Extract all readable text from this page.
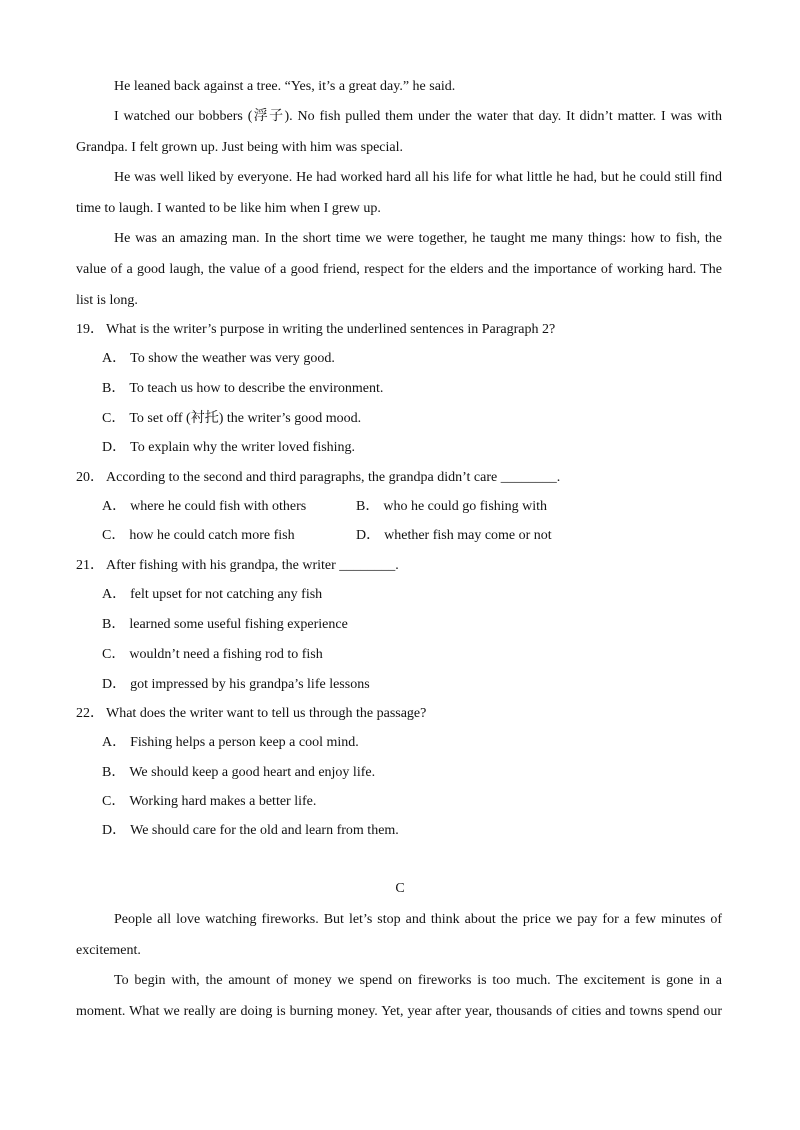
He leaned back against a tree. “Yes, it’s a great day.” he said.
I watched our bobbers (浮子). No fish pulled them under the water that day. It didn’t matter. I was with
Grandpa. I felt grown up. Just being with him was special.
He was well liked by everyone. He had worked hard all his life for what little he had, but he could still find
time to laugh. I wanted to be like him when I grew up.
He was an amazing man. In the short time we were together, he taught me many things: how to fish, the
value of a good laugh, the value of a good friend, respect for the elders and the importance of working hard. The
list is long.
19． What is the writer’s purpose in writing the underlined sentences in Paragraph 2?
A． To show the weather was very good.
B． To teach us how to describe the environment.
C． To set off (衬托) the writer’s good mood.
D． To explain why the writer loved fishing.
20． According to the second and third paragraphs, the grandpa didn’t care ________.
A． where he could fish with others	B． who he could go fishing with
C． how he could catch more fish	D． whether fish may come or not
21． After fishing with his grandpa, the writer ________.
A． felt upset for not catching any fish
B． learned some useful fishing experience
C． wouldn’t need a fishing rod to fish
D． got impressed by his grandpa’s life lessons
22． What does the writer want to tell us through the passage?
A． Fishing helps a person keep a cool mind.
B． We should keep a good heart and enjoy life.
C． Working hard makes a better life.
D． We should care for the old and learn from them.
C
People all love watching fireworks. But let’s stop and think about the price we pay for a few minutes of
excitement.
To begin with, the amount of money we spend on fireworks is too much. The excitement is gone in a
moment. What we really are doing is burning money. Yet, year after year, thousands of cities and towns spend our
